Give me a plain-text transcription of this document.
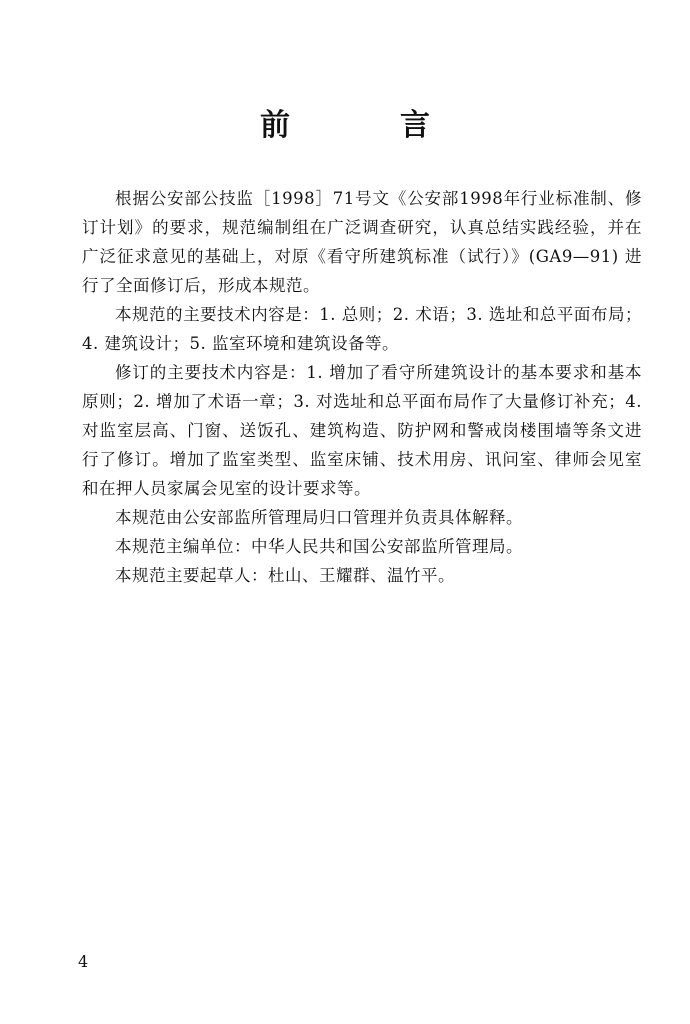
前　言

根据公安部公技监［1998］71号文《公安部1998年行业标准制、修订计划》的要求，规范编制组在广泛调查研究，认真总结实践经验，并在广泛征求意见的基础上，对原《看守所建筑标准（试行）》(GA9—91) 进行了全面修订后，形成本规范。

本规范的主要技术内容是：1. 总则；2. 术语；3. 选址和总平面布局；4. 建筑设计；5. 监室环境和建筑设备等。

修订的主要技术内容是：1. 增加了看守所建筑设计的基本要求和基本原则；2. 增加了术语一章；3. 对选址和总平面布局作了大量修订补充；4. 对监室层高、门窗、送饭孔、建筑构造、防护网和警戒岗楼围墙等条文进行了修订。增加了监室类型、监室床铺、技术用房、讯问室、律师会见室和在押人员家属会见室的设计要求等。

本规范由公安部监所管理局归口管理并负责具体解释。

本规范主编单位：中华人民共和国公安部监所管理局。

本规范主要起草人：杜山、王耀群、温竹平。

4
